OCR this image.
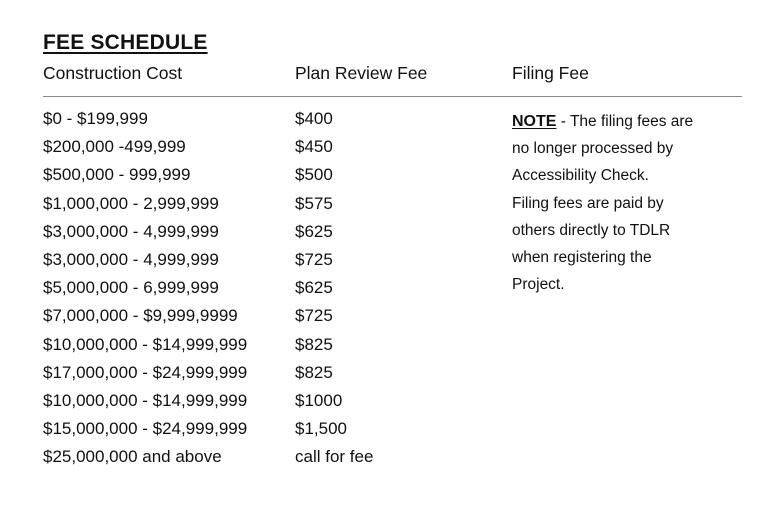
FEE SCHEDULE
Construction Cost	Plan Review Fee	Filing Fee
$0 - $199,999	$400
$200,000 -499,999	$450
$500,000 - 999,999	$500
$1,000,000 - 2,999,999	$575
$3,000,000 - 4,999,999	$625
$3,000,000 - 4,999,999	$725
$5,000,000 - 6,999,999	$625
$7,000,000 - $9,999,9999	$725
$10,000,000 - $14,999,999	$825
$17,000,000 - $24,999,999	$825
$10,000,000 - $14,999,999	$1000
$15,000,000 - $24,999,999	$1,500
$25,000,000 and above	call for fee
NOTE - The filing fees are
no longer processed by
Accessibility Check.
Filing fees are paid by
others directly to TDLR
when registering the
Project.
